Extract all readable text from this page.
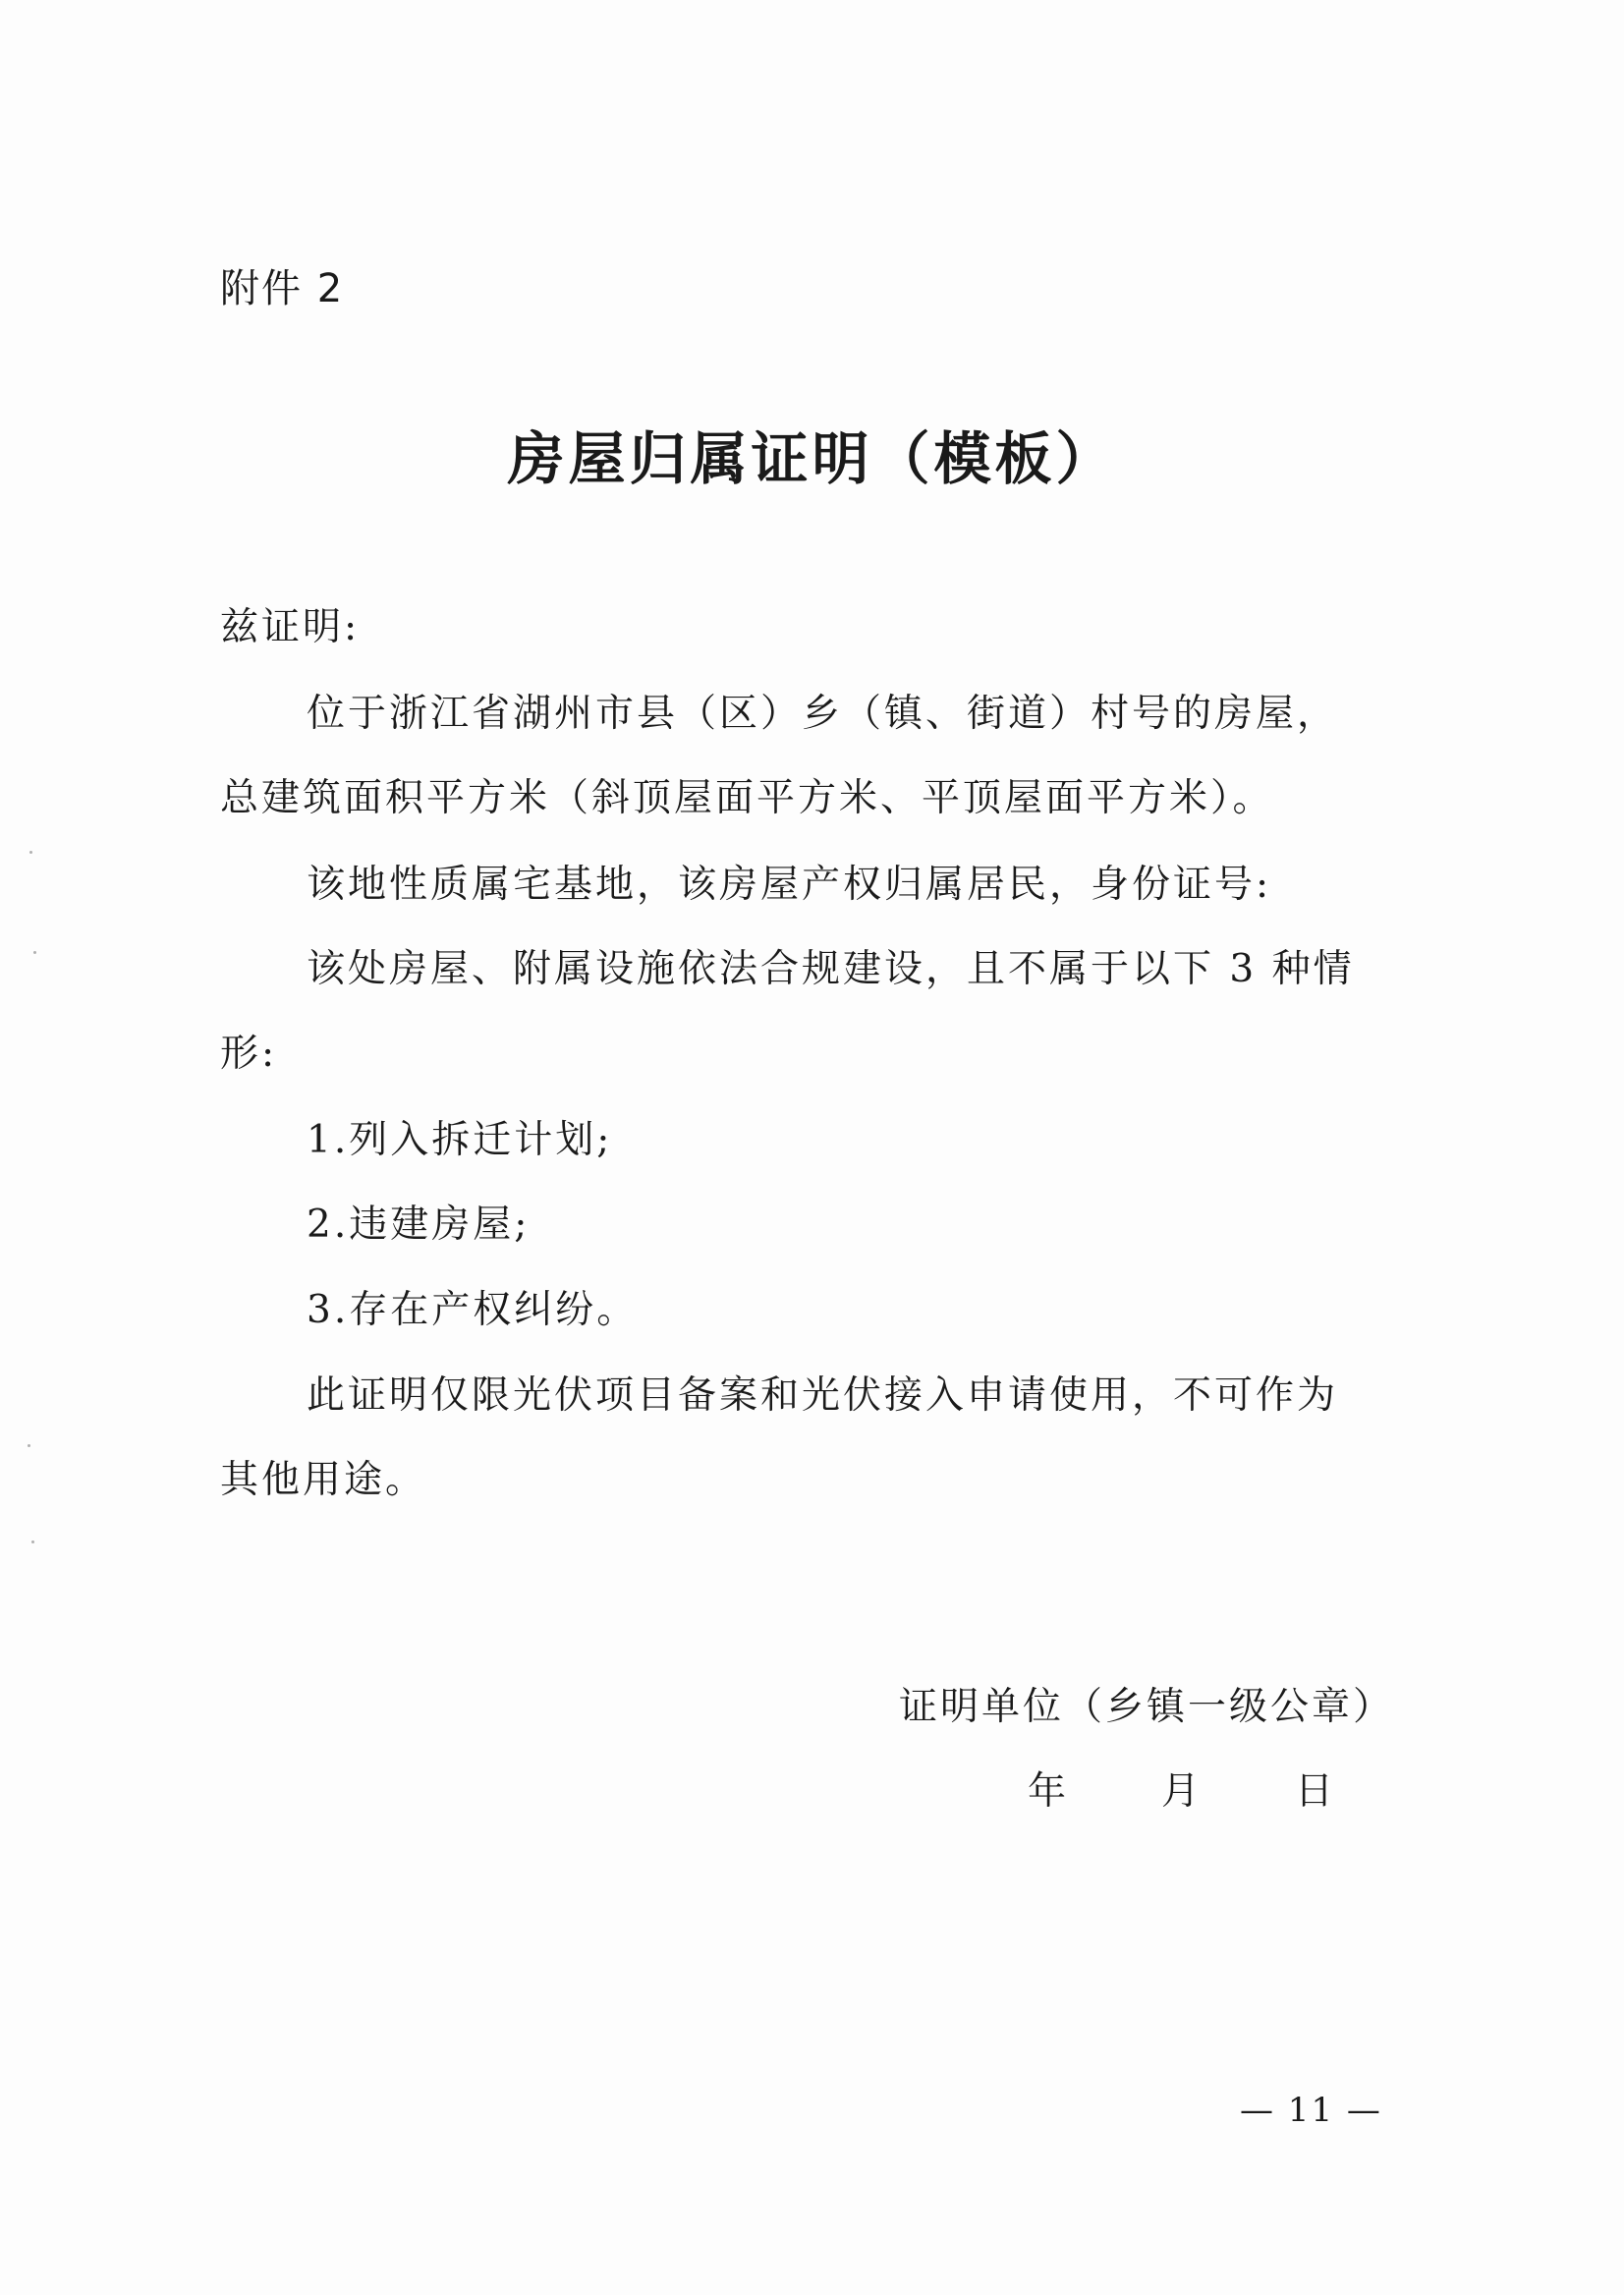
附件 2
房屋归属证明（模板）
兹证明:
位于浙江省湖州市县（区）乡（镇、街道）村号的房屋，
总建筑面积平方米（斜顶屋面平方米、平顶屋面平方米）。
该地性质属宅基地，该房屋产权归属居民，身份证号:
该处房屋、附属设施依法合规建设，且不属于以下 3 种情
形:
1.列入拆迁计划;
2.违建房屋;
3.存在产权纠纷。
此证明仅限光伏项目备案和光伏接入申请使用，不可作为
其他用途。
证明单位（乡镇一级公章）
年 月 日
— 11 —
